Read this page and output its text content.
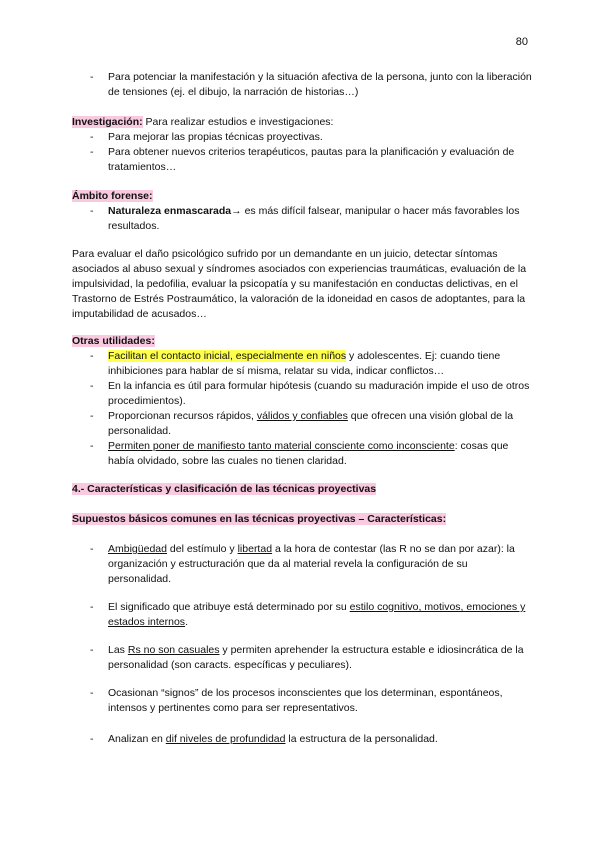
80
- Para potenciar la manifestación y la situación afectiva de la persona, junto con la liberación de tensiones (ej. el dibujo, la narración de historias…)

Investigación: Para realizar estudios e investigaciones:

- Para mejorar las propias técnicas proyectivas.
- Para obtener nuevos criterios terapéuticos, pautas para la planificación y evaluación de tratamientos…

Ámbito forense:

- Naturaleza enmascarada→ es más difícil falsear, manipular o hacer más favorables los resultados.

Para evaluar el daño psicológico sufrido por un demandante en un juicio, detectar síntomas asociados al abuso sexual y síndromes asociados con experiencias traumáticas, evaluación de la impulsividad, la pedofilia, evaluar la psicopatía y su manifestación en conductas delictivas, en el Trastorno de Estrés Postraumático, la valoración de la idoneidad en casos de adoptantes, para la imputabilidad de acusados…

Otras utilidades:

- Facilitan el contacto inicial, especialmente en niños y adolescentes. Ej: cuando tiene inhibiciones para hablar de sí misma, relatar su vida, indicar conflictos…
- En la infancia es útil para formular hipótesis (cuando su maduración impide el uso de otros procedimientos).
- Proporcionan recursos rápidos, válidos y confiables que ofrecen una visión global de la personalidad.
- Permiten poner de manifiesto tanto material consciente como inconsciente: cosas que había olvidado, sobre las cuales no tienen claridad.

4.- Características y clasificación de las técnicas proyectivas

Supuestos básicos comunes en las técnicas proyectivas – Características:

- Ambigüedad del estímulo y libertad a la hora de contestar (las R no se dan por azar): la organización y estructuración que da al material revela la configuración de su personalidad.
- El significado que atribuye está determinado por su estilo cognitivo, motivos, emociones y estados internos.
- Las Rs no son casuales y permiten aprehender la estructura estable e idiosincrática de la personalidad (son caracts. específicas y peculiares).
- Ocasionan “signos” de los procesos inconscientes que los determinan, espontáneos, intensos y pertinentes como para ser representativos.
- Analizan en dif niveles de profundidad la estructura de la personalidad.
